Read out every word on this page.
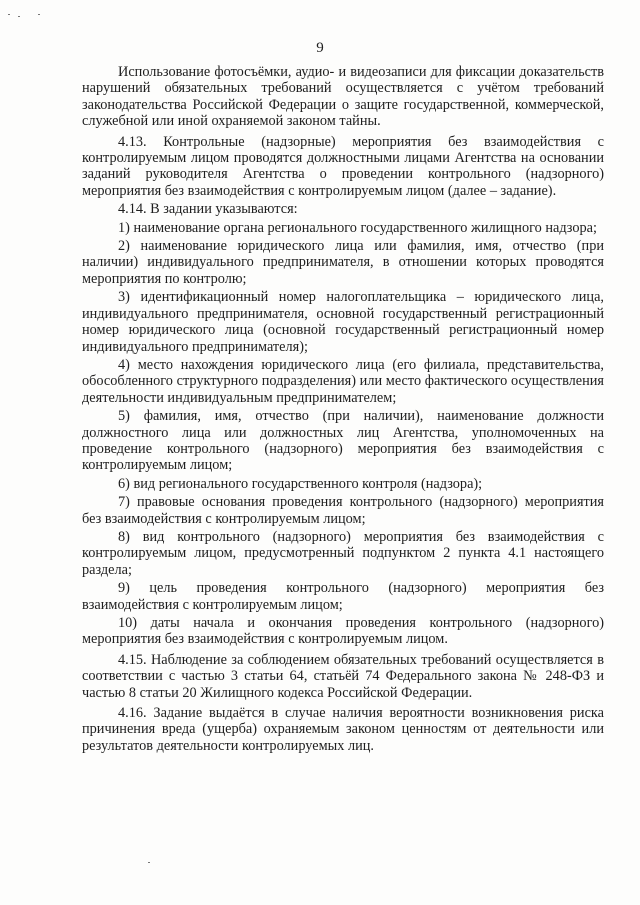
9

Использование фотосъёмки, аудио- и видеозаписи для фиксации доказательств нарушений обязательных требований осуществляется с учётом требований законодательства Российской Федерации о защите государственной, коммерческой, служебной или иной охраняемой законом тайны.

4.13. Контрольные (надзорные) мероприятия без взаимодействия с контролируемым лицом проводятся должностными лицами Агентства на основании заданий руководителя Агентства о проведении контрольного (надзорного) мероприятия без взаимодействия с контролируемым лицом (далее – задание).

4.14. В задании указываются:

1) наименование органа регионального государственного жилищного надзора;

2) наименование юридического лица или фамилия, имя, отчество (при наличии) индивидуального предпринимателя, в отношении которых проводятся мероприятия по контролю;

3) идентификационный номер налогоплательщика – юридического лица, индивидуального предпринимателя, основной государственный регистрационный номер юридического лица (основной государственный регистрационный номер индивидуального предпринимателя);

4) место нахождения юридического лица (его филиала, представительства, обособленного структурного подразделения) или место фактического осуществления деятельности индивидуальным предпринимателем;

5) фамилия, имя, отчество (при наличии), наименование должности должностного лица или должностных лиц Агентства, уполномоченных на проведение контрольного (надзорного) мероприятия без взаимодействия с контролируемым лицом;

6) вид регионального государственного контроля (надзора);

7) правовые основания проведения контрольного (надзорного) мероприятия без взаимодействия с контролируемым лицом;

8) вид контрольного (надзорного) мероприятия без взаимодействия с контролируемым лицом, предусмотренный подпунктом 2 пункта 4.1 настоящего раздела;

9) цель проведения контрольного (надзорного) мероприятия без взаимодействия с контролируемым лицом;

10) даты начала и окончания проведения контрольного (надзорного) мероприятия без взаимодействия с контролируемым лицом.

4.15. Наблюдение за соблюдением обязательных требований осуществляется в соответствии с частью 3 статьи 64, статьёй 74 Федерального закона № 248-ФЗ и частью 8 статьи 20 Жилищного кодекса Российской Федерации.

4.16. Задание выдаётся в случае наличия вероятности возникновения риска причинения вреда (ущерба) охраняемым законом ценностям от деятельности или результатов деятельности контролируемых лиц.
